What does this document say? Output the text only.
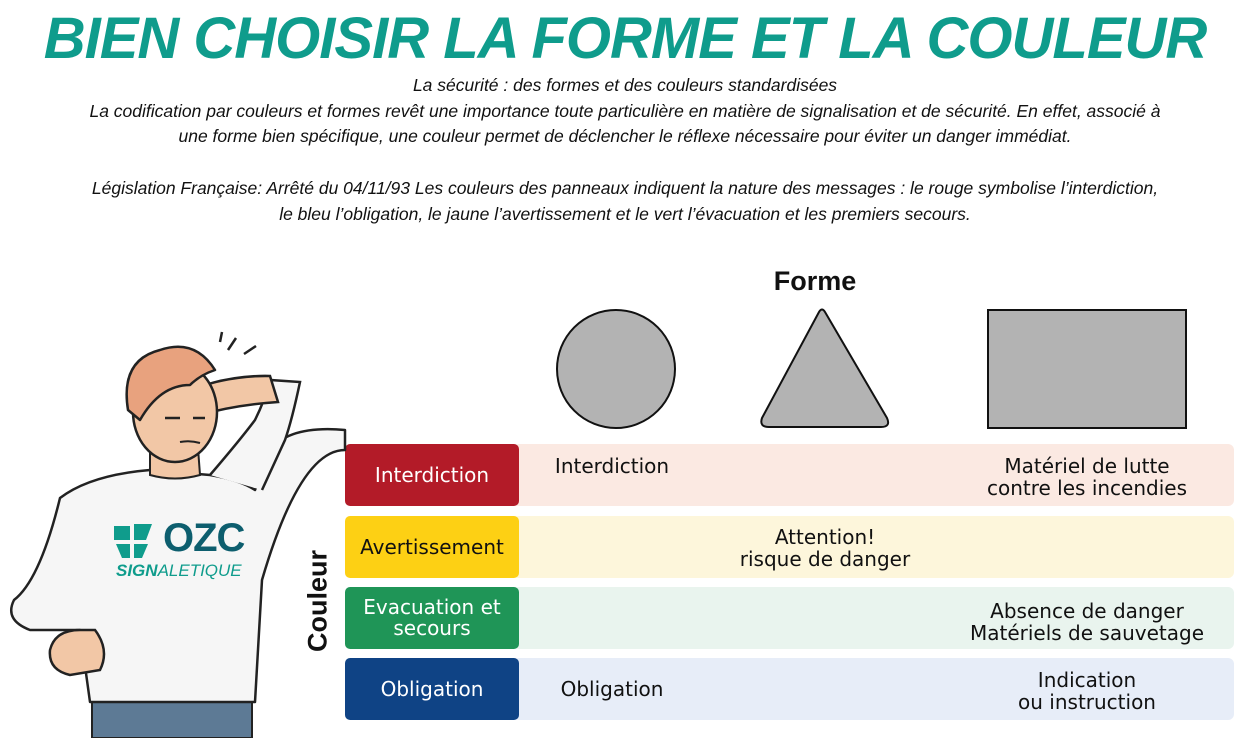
BIEN CHOISIR LA FORME ET LA COULEUR
La sécurité : des formes et des couleurs standardisées
La codification par couleurs et formes revêt une importance toute particulière en matière de signalisation et de sécurité. En effet, associé à
une forme bien spécifique, une couleur permet de déclencher le réflexe nécessaire pour éviter un danger immédiat.
Législation Française: Arrêté du 04/11/93 Les couleurs des panneaux indiquent la nature des messages : le rouge symbolise l’interdiction,
le bleu l’obligation, le jaune l’avertissement et le vert l’évacuation et les premiers secours.
Forme
Couleur
Interdiction
Avertissement
Evacuation et
secours
Obligation
Interdiction	Matériel de lutte
contre les incendies
Attention!
risque de danger
Absence de danger
Matériels de sauvetage
Obligation	Indication
ou instruction
OZC
SIGNALETIQUE
